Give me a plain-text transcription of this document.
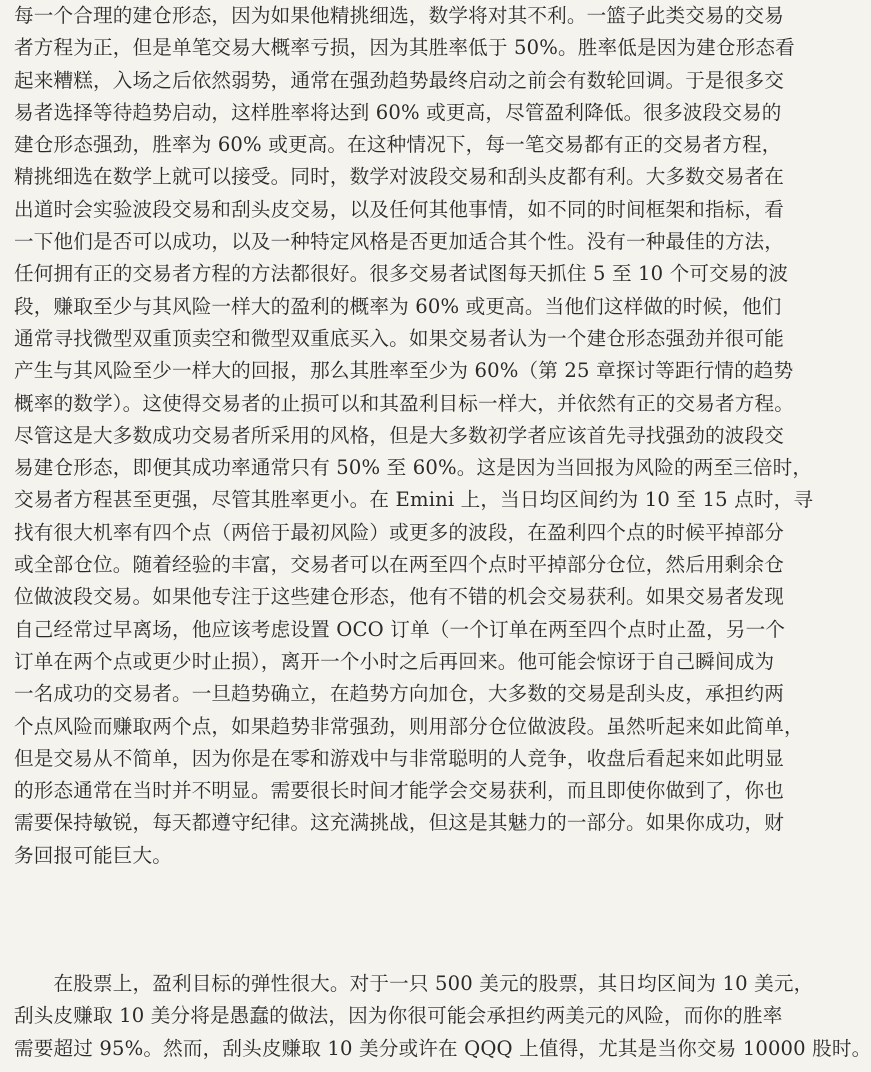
每一个合理的建仓形态，因为如果他精挑细选，数学将对其不利。一篮子此类交易的交易
者方程为正，但是单笔交易大概率亏损，因为其胜率低于 50%。胜率低是因为建仓形态看
起来糟糕，入场之后依然弱势，通常在强劲趋势最终启动之前会有数轮回调。于是很多交
易者选择等待趋势启动，这样胜率将达到 60% 或更高，尽管盈利降低。很多波段交易的
建仓形态强劲，胜率为 60% 或更高。在这种情况下，每一笔交易都有正的交易者方程，
精挑细选在数学上就可以接受。同时，数学对波段交易和刮头皮都有利。大多数交易者在
出道时会实验波段交易和刮头皮交易，以及任何其他事情，如不同的时间框架和指标，看
一下他们是否可以成功，以及一种特定风格是否更加适合其个性。没有一种最佳的方法，
任何拥有正的交易者方程的方法都很好。很多交易者试图每天抓住 5 至 10 个可交易的波
段，赚取至少与其风险一样大的盈利的概率为 60% 或更高。当他们这样做的时候，他们
通常寻找微型双重顶卖空和微型双重底买入。如果交易者认为一个建仓形态强劲并很可能
产生与其风险至少一样大的回报，那么其胜率至少为 60%（第 25 章探讨等距行情的趋势
概率的数学）。这使得交易者的止损可以和其盈利目标一样大，并依然有正的交易者方程。
尽管这是大多数成功交易者所采用的风格，但是大多数初学者应该首先寻找强劲的波段交
易建仓形态，即便其成功率通常只有 50% 至 60%。这是因为当回报为风险的两至三倍时，
交易者方程甚至更强，尽管其胜率更小。在 Emini 上，当日均区间约为 10 至 15 点时，寻
找有很大机率有四个点（两倍于最初风险）或更多的波段，在盈利四个点的时候平掉部分
或全部仓位。随着经验的丰富，交易者可以在两至四个点时平掉部分仓位，然后用剩余仓
位做波段交易。如果他专注于这些建仓形态，他有不错的机会交易获利。如果交易者发现
自己经常过早离场，他应该考虑设置 OCO 订单（一个订单在两至四个点时止盈，另一个
订单在两个点或更少时止损），离开一个小时之后再回来。他可能会惊讶于自己瞬间成为
一名成功的交易者。一旦趋势确立，在趋势方向加仓，大多数的交易是刮头皮，承担约两
个点风险而赚取两个点，如果趋势非常强劲，则用部分仓位做波段。虽然听起来如此简单，
但是交易从不简单，因为你是在零和游戏中与非常聪明的人竞争，收盘后看起来如此明显
的形态通常在当时并不明显。需要很长时间才能学会交易获利，而且即使你做到了，你也
需要保持敏锐，每天都遵守纪律。这充满挑战，但这是其魅力的一部分。如果你成功，财
务回报可能巨大。
　　在股票上，盈利目标的弹性很大。对于一只 500 美元的股票，其日均区间为 10 美元，
刮头皮赚取 10 美分将是愚蠢的做法，因为你很可能会承担约两美元的风险，而你的胜率
需要超过 95%。然而，刮头皮赚取 10 美分或许在 QQQ 上值得，尤其是当你交易 10000 股时。
